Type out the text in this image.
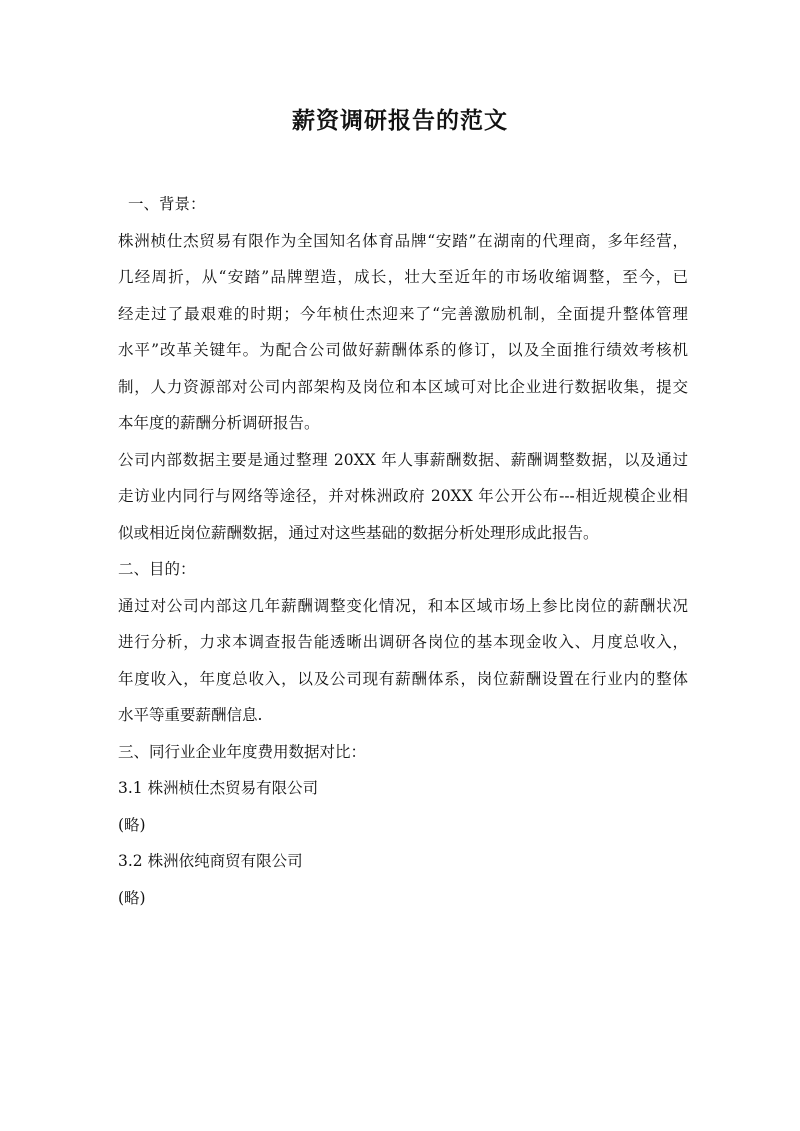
薪资调研报告的范文
一、背景：
株洲桢仕杰贸易有限作为全国知名体育品牌“安踏”在湖南的代理商，多年经营，
几经周折，从“安踏”品牌塑造，成长，壮大至近年的市场收缩调整，至今，已
经走过了最艰难的时期；今年桢仕杰迎来了“完善激励机制，全面提升整体管理
水平”改革关键年。为配合公司做好薪酬体系的修订，以及全面推行绩效考核机
制，人力资源部对公司内部架构及岗位和本区域可对比企业进行数据收集，提交
本年度的薪酬分析调研报告。
公司内部数据主要是通过整理 20XX 年人事薪酬数据、薪酬调整数据，以及通过
走访业内同行与网络等途径，并对株洲政府 20XX 年公开公布---相近规模企业相
似或相近岗位薪酬数据，通过对这些基础的数据分析处理形成此报告。
二、目的：
通过对公司内部这几年薪酬调整变化情况，和本区域市场上参比岗位的薪酬状况
进行分析，力求本调查报告能透晰出调研各岗位的基本现金收入、月度总收入，
年度收入，年度总收入，以及公司现有薪酬体系，岗位薪酬设置在行业内的整体
水平等重要薪酬信息.
三、同行业企业年度费用数据对比：
3.1 株洲桢仕杰贸易有限公司
(略)
3.2 株洲依纯商贸有限公司
(略)
